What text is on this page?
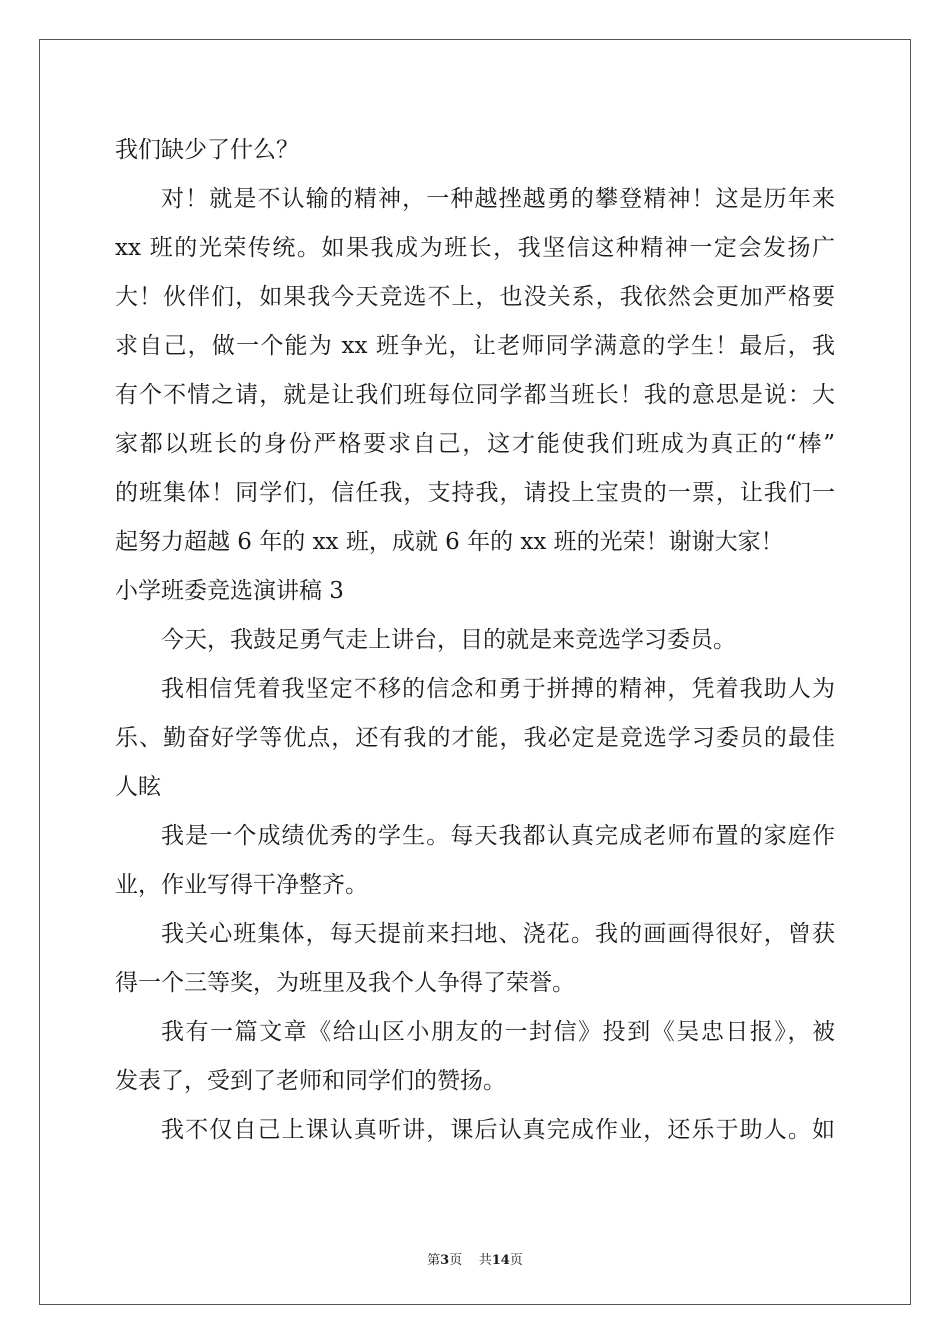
我们缺少了什么？
对！就是不认输的精神，一种越挫越勇的攀登精神！这是历年来
xx 班的光荣传统。如果我成为班长，我坚信这种精神一定会发扬广
大！伙伴们，如果我今天竞选不上，也没关系，我依然会更加严格要
求自己，做一个能为 xx 班争光，让老师同学满意的学生！最后，我
有个不情之请，就是让我们班每位同学都当班长！我的意思是说：大
家都以班长的身份严格要求自己，这才能使我们班成为真正的“棒”
的班集体！同学们，信任我，支持我，请投上宝贵的一票，让我们一
起努力超越 6 年的 xx 班，成就 6 年的 xx 班的光荣！谢谢大家！
小学班委竞选演讲稿 3
今天，我鼓足勇气走上讲台，目的就是来竞选学习委员。
我相信凭着我坚定不移的信念和勇于拼搏的精神，凭着我助人为
乐、勤奋好学等优点，还有我的才能，我必定是竞选学习委员的最佳
人眩
我是一个成绩优秀的学生。每天我都认真完成老师布置的家庭作
业，作业写得干净整齐。
我关心班集体，每天提前来扫地、浇花。我的画画得很好，曾获
得一个三等奖，为班里及我个人争得了荣誉。
我有一篇文章《给山区小朋友的一封信》投到《吴忠日报》，被
发表了，受到了老师和同学们的赞扬。
我不仅自己上课认真听讲，课后认真完成作业，还乐于助人。如
第3页 共14页
